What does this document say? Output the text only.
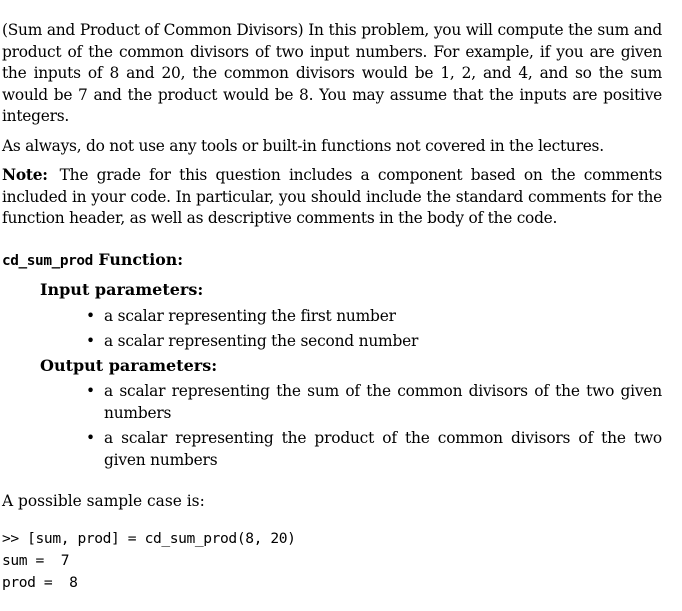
(Sum and Product of Common Divisors) In this problem, you will compute the sum and product of the common divisors of two input numbers. For example, if you are given the inputs of 8 and 20, the common divisors would be 1, 2, and 4, and so the sum would be 7 and the product would be 8. You may assume that the inputs are positive integers.

As always, do not use any tools or built-in functions not covered in the lectures.

Note: The grade for this question includes a component based on the comments included in your code. In particular, you should include the standard comments for the function header, as well as descriptive comments in the body of the code.

cd_sum_prod Function:

Input parameters:

• a scalar representing the first number
• a scalar representing the second number

Output parameters:

• a scalar representing the sum of the common divisors of the two given numbers
• a scalar representing the product of the common divisors of the two given numbers

A possible sample case is:

>> [sum, prod] = cd_sum_prod(8, 20)
sum =  7
prod =  8
